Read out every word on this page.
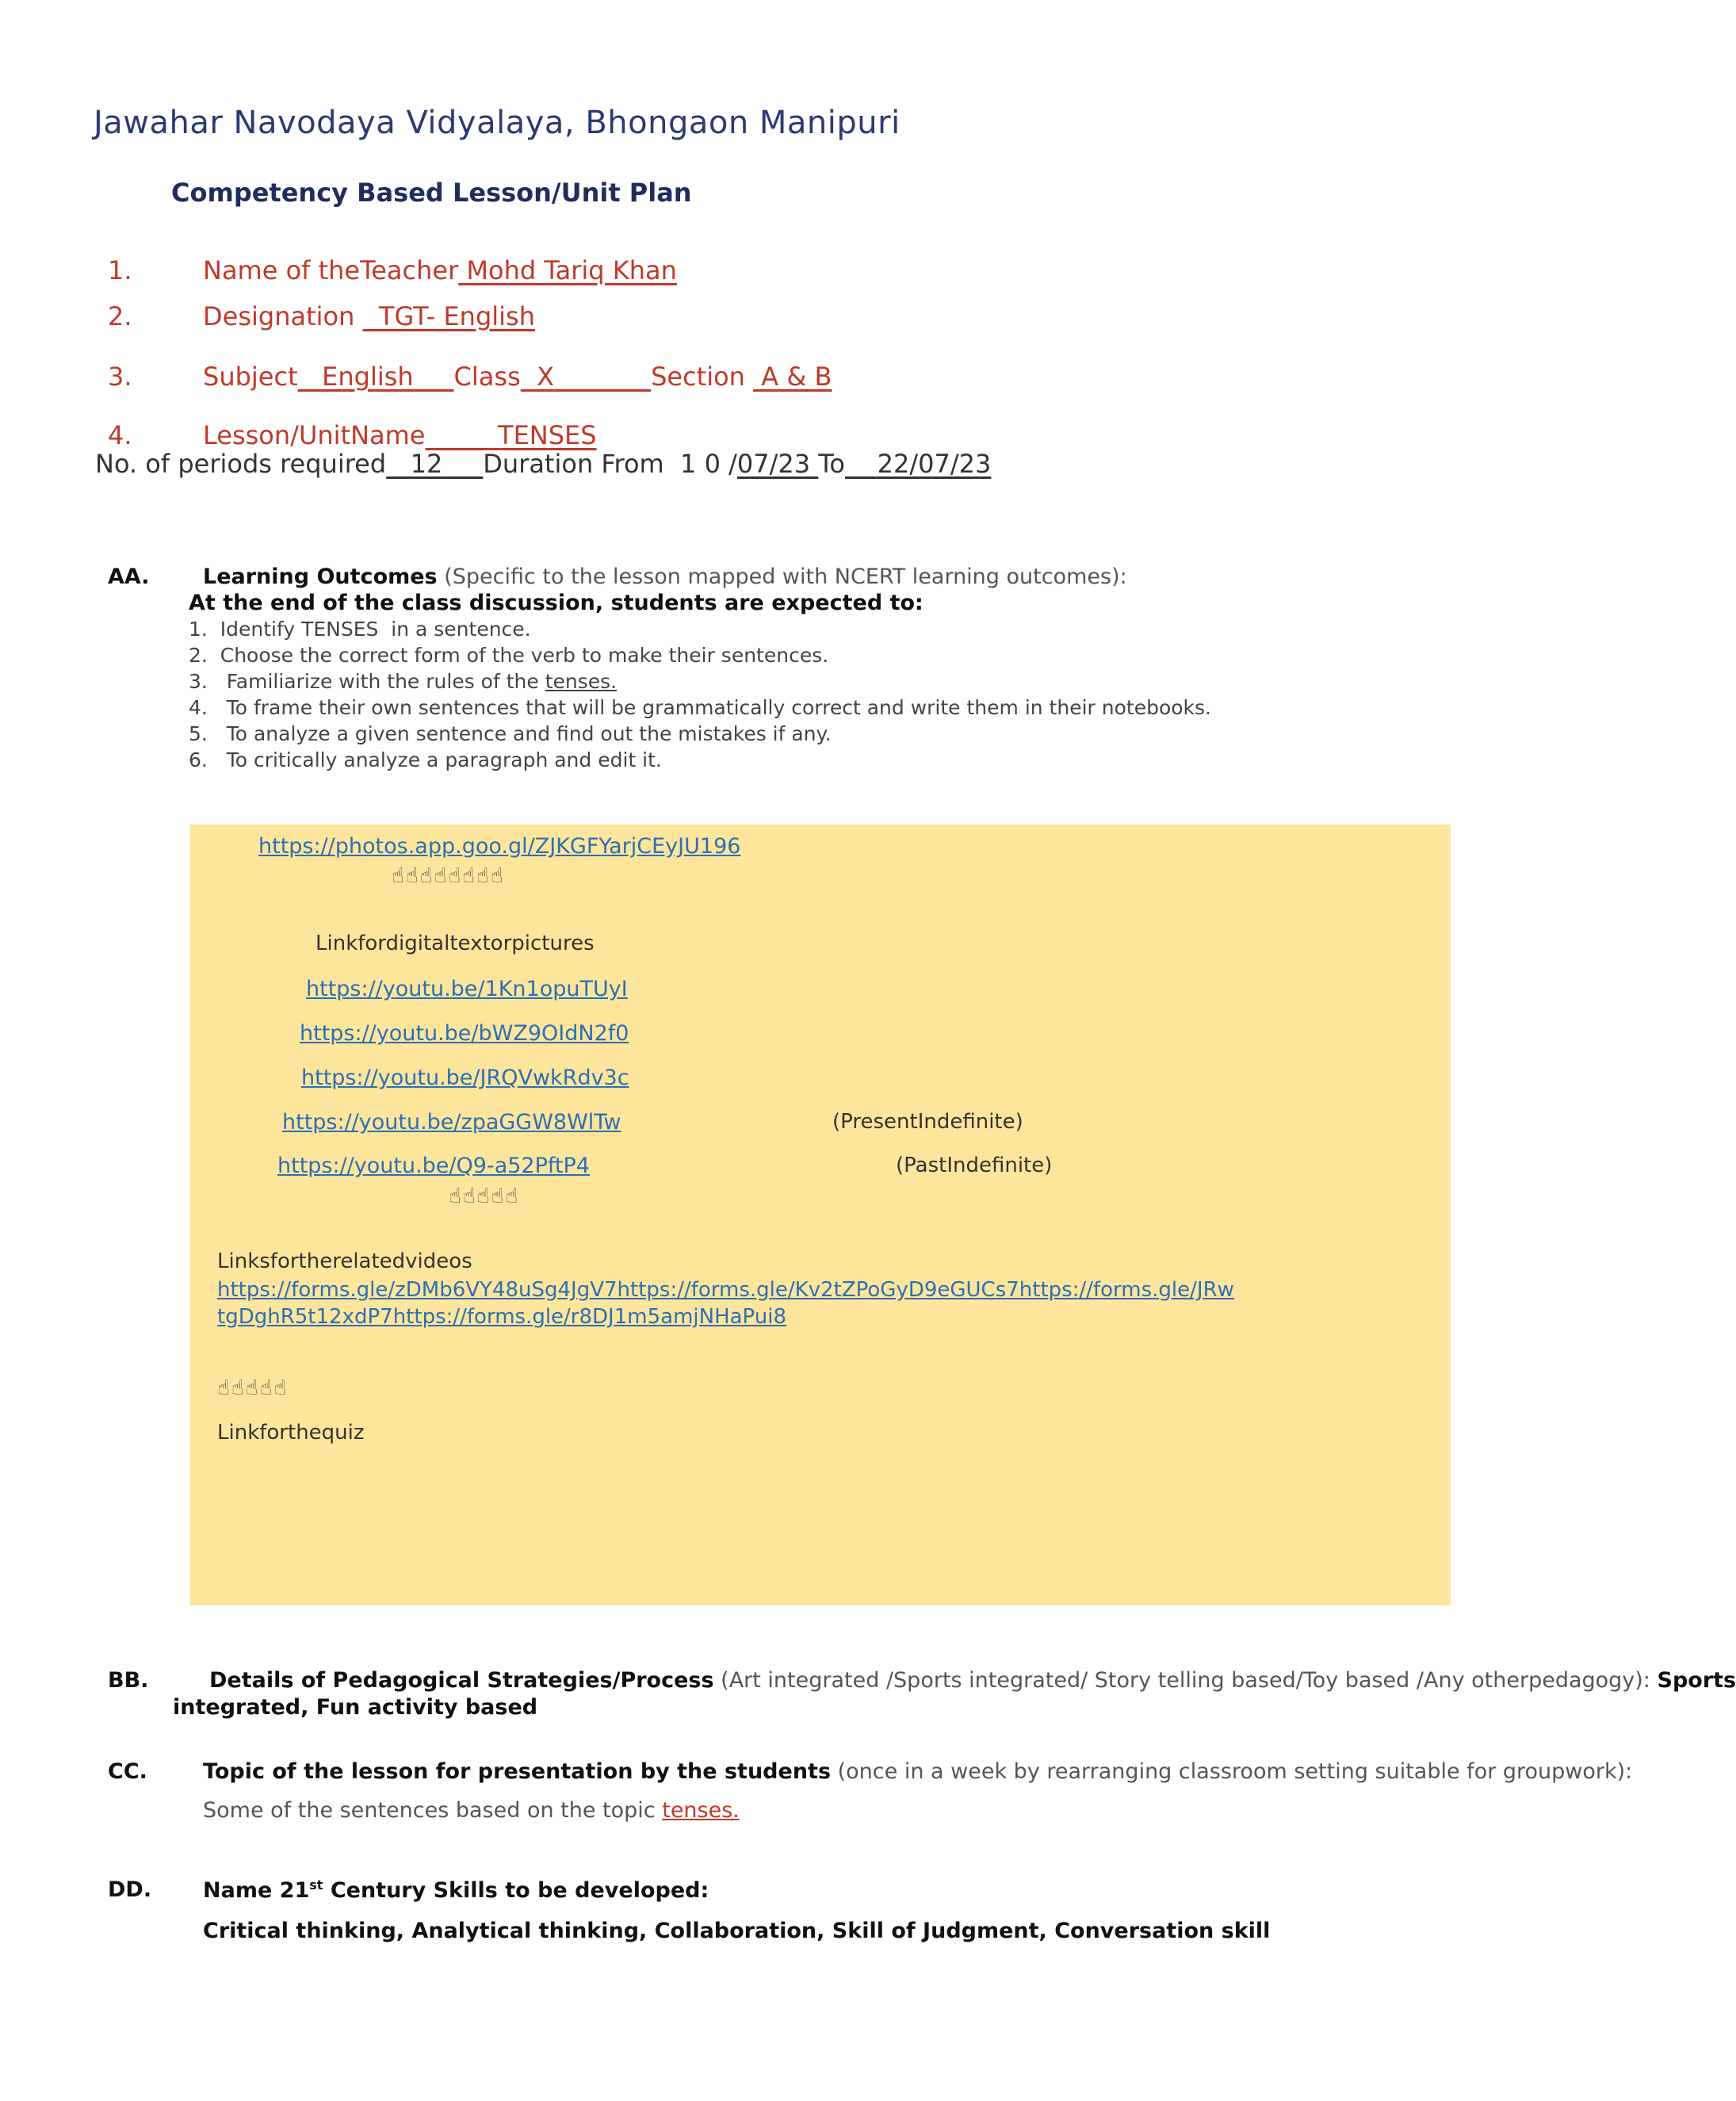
Jawahar Navodaya Vidyalaya, Bhongaon Manipuri
Competency Based Lesson/Unit Plan
1.	Name of theTeacher Mohd Tariq Khan
2.	Designation   TGT- English
3.	Subject   English     Class  X            Section  A & B
4.	Lesson/UnitName         TENSES
No. of periods required   12     Duration From  1 0 /07/23 To    22/07/23
AA. Learning Outcomes (Specific to the lesson mapped with NCERT learning outcomes):
At the end of the class discussion, students are expected to:
1.  Identify TENSES  in a sentence.
2.  Choose the correct form of the verb to make their sentences.
3.   Familiarize with the rules of the tenses.
4.   To frame their own sentences that will be grammatically correct and write them in their notebooks.
5.   To analyze a given sentence and find out the mistakes if any.
6.   To critically analyze a paragraph and edit it.
https://photos.app.goo.gl/ZJKGFYarjCEyJU196
☝☝☝☝☝☝☝☝
Linkfordigitaltextorpictures
https://youtu.be/1Kn1opuTUyI
https://youtu.be/bWZ9OIdN2f0
https://youtu.be/JRQVwkRdv3c
https://youtu.be/zpaGGW8WlTw	(PresentIndefinite)
https://youtu.be/Q9-a52PftP4	(PastIndefinite)
☝☝☝☝☝
Linksfortherelatedvideos
https://forms.gle/zDMb6VY48uSg4JgV7https://forms.gle/Kv2tZPoGyD9eGUCs7https://forms.gle/JRw
tgDghR5t12xdP7https://forms.gle/r8DJ1m5amjNHaPui8
☝☝☝☝☝
Linkforthequiz
BB.	Details of Pedagogical Strategies/Process (Art integrated /Sports integrated/ Story telling based/Toy based /Any otherpedagogy): Sports
integrated, Fun activity based
CC.	Topic of the lesson for presentation by the students (once in a week by rearranging classroom setting suitable for groupwork):
Some of the sentences based on the topic tenses.
DD. Name 21st Century Skills to be developed:
Critical thinking, Analytical thinking, Collaboration, Skill of Judgment, Conversation skill
